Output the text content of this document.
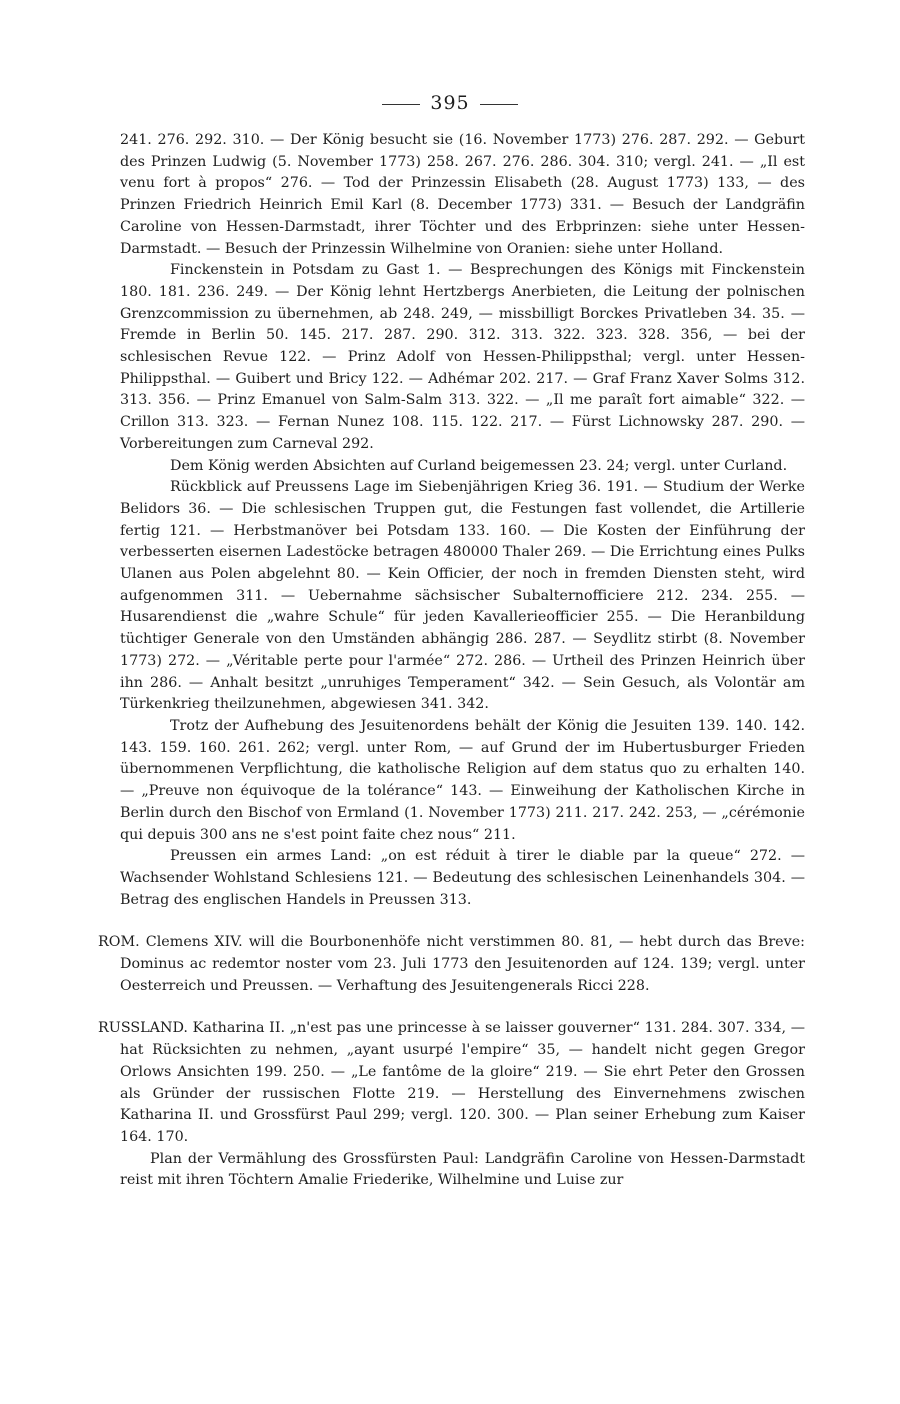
395

241. 276. 292. 310. — Der König besucht sie (16. November 1773) 276. 287. 292. — Geburt des Prinzen Ludwig (5. November 1773) 258. 267. 276. 286. 304. 310; vergl. 241. — „Il est venu fort à propos“ 276. — Tod der Prinzessin Elisabeth (28. August 1773) 133, — des Prinzen Friedrich Heinrich Emil Karl (8. December 1773) 331. — Besuch der Landgräfin Caroline von Hessen-Darmstadt, ihrer Töchter und des Erbprinzen: siehe unter Hessen-Darmstadt. — Besuch der Prinzessin Wilhelmine von Oranien: siehe unter Holland.

Finckenstein in Potsdam zu Gast 1. — Besprechungen des Königs mit Finckenstein 180. 181. 236. 249. — Der König lehnt Hertzbergs Anerbieten, die Leitung der polnischen Grenzcommission zu übernehmen, ab 248. 249, — missbilligt Borckes Privatleben 34. 35. — Fremde in Berlin 50. 145. 217. 287. 290. 312. 313. 322. 323. 328. 356, — bei der schlesischen Revue 122. — Prinz Adolf von Hessen-Philippsthal; vergl. unter Hessen-Philippsthal. — Guibert und Bricy 122. — Adhémar 202. 217. — Graf Franz Xaver Solms 312. 313. 356. — Prinz Emanuel von Salm-Salm 313. 322. — „Il me paraît fort aimable“ 322. — Crillon 313. 323. — Fernan Nunez 108. 115. 122. 217. — Fürst Lichnowsky 287. 290. — Vorbereitungen zum Carneval 292.

Dem König werden Absichten auf Curland beigemessen 23. 24; vergl. unter Curland.

Rückblick auf Preussens Lage im Siebenjährigen Krieg 36. 191. — Studium der Werke Belidors 36. — Die schlesischen Truppen gut, die Festungen fast vollendet, die Artillerie fertig 121. — Herbstmanöver bei Potsdam 133. 160. — Die Kosten der Einführung der verbesserten eisernen Ladestöcke betragen 480000 Thaler 269. — Die Errichtung eines Pulks Ulanen aus Polen abgelehnt 80. — Kein Officier, der noch in fremden Diensten steht, wird aufgenommen 311. — Uebernahme sächsischer Subalternofficiere 212. 234. 255. — Husarendienst die „wahre Schule“ für jeden Kavallerieofficier 255. — Die Heranbildung tüchtiger Generale von den Umständen abhängig 286. 287. — Seydlitz stirbt (8. November 1773) 272. — „Véritable perte pour l'armée“ 272. 286. — Urtheil des Prinzen Heinrich über ihn 286. — Anhalt besitzt „unruhiges Temperament“ 342. — Sein Gesuch, als Volontär am Türkenkrieg theilzunehmen, abgewiesen 341. 342.

Trotz der Aufhebung des Jesuitenordens behält der König die Jesuiten 139. 140. 142. 143. 159. 160. 261. 262; vergl. unter Rom, — auf Grund der im Hubertusburger Frieden übernommenen Verpflichtung, die katholische Religion auf dem status quo zu erhalten 140. — „Preuve non équivoque de la tolérance“ 143. — Einweihung der Katholischen Kirche in Berlin durch den Bischof von Ermland (1. November 1773) 211. 217. 242. 253, — „cérémonie qui depuis 300 ans ne s'est point faite chez nous“ 211.

Preussen ein armes Land: „on est réduit à tirer le diable par la queue“ 272. — Wachsender Wohlstand Schlesiens 121. — Bedeutung des schlesischen Leinenhandels 304. — Betrag des englischen Handels in Preussen 313.

ROM. Clemens XIV. will die Bourbonenhöfe nicht verstimmen 80. 81, — hebt durch das Breve: Dominus ac redemtor noster vom 23. Juli 1773 den Jesuitenorden auf 124. 139; vergl. unter Oesterreich und Preussen. — Verhaftung des Jesuitengenerals Ricci 228.

RUSSLAND. Katharina II. „n'est pas une princesse à se laisser gouverner“ 131. 284. 307. 334, — hat Rücksichten zu nehmen, „ayant usurpé l'empire“ 35, — handelt nicht gegen Gregor Orlows Ansichten 199. 250. — „Le fantôme de la gloire“ 219. — Sie ehrt Peter den Grossen als Gründer der russischen Flotte 219. — Herstellung des Einvernehmens zwischen Katharina II. und Grossfürst Paul 299; vergl. 120. 300. — Plan seiner Erhebung zum Kaiser 164. 170.

Plan der Vermählung des Grossfürsten Paul: Landgräfin Caroline von Hessen-Darmstadt reist mit ihren Töchtern Amalie Friederike, Wilhelmine und Luise zur
